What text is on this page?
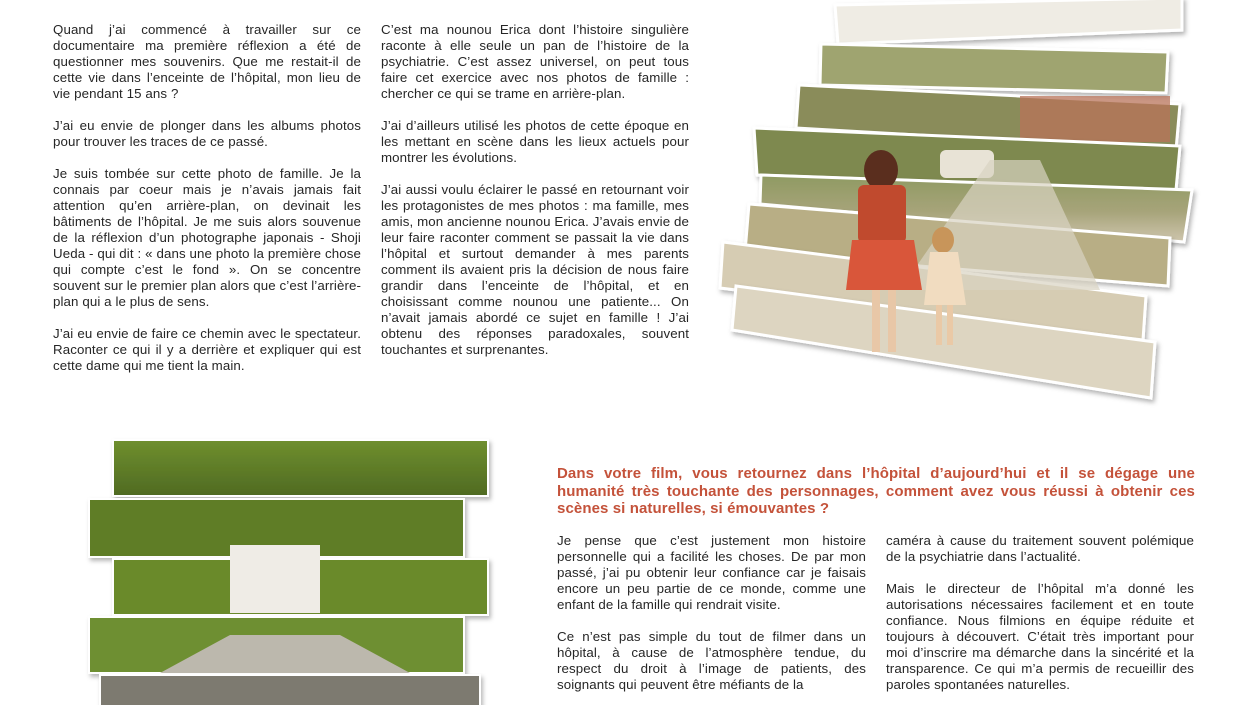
Quand j’ai commencé à travailler sur ce documentaire ma première réflexion a été de questionner mes souvenirs. Que me restait-il de cette vie dans l’enceinte de l’hôpital, mon lieu de vie pendant 15 ans ?

J’ai eu envie de plonger dans les albums photos pour trouver les traces de ce passé.

Je suis tombée sur cette photo de famille. Je la connais par coeur mais je n’avais jamais fait attention qu’en arrière-plan, on devinait les bâtiments de l’hôpital. Je me suis alors souvenue de la réflexion d’un photographe japonais - Shoji Ueda - qui dit : « dans une photo la première chose qui compte c’est le fond ». On se concentre souvent sur le premier plan alors que c’est l’arrière-plan qui a le plus de sens.

J’ai eu envie de faire ce chemin avec le spectateur. Raconter ce qui il y a derrière et expliquer qui est cette dame qui me tient la main.

C’est ma nounou Erica dont l’histoire singulière raconte à elle seule un pan de l’histoire de la psychiatrie. C’est assez universel, on peut tous faire cet exercice avec nos photos de famille : chercher ce qui se trame en arrière-plan.

J’ai d’ailleurs utilisé les photos de cette époque en les mettant en scène dans les lieux actuels pour montrer les évolutions.

J’ai aussi voulu éclairer le passé en retournant voir les protagonistes de mes photos : ma famille, mes amis, mon ancienne nounou Erica. J’avais envie de leur faire raconter comment se passait la vie dans l’hôpital et surtout demander à mes parents comment ils avaient pris la décision de nous faire grandir dans l’enceinte de l’hôpital, et en choisissant comme nounou une patiente... On n’avait jamais abordé ce sujet en famille ! J’ai obtenu des réponses paradoxales, souvent touchantes et surprenantes.

Dans votre film, vous retournez dans l’hôpital d’aujourd’hui et il se dégage une humanité très touchante des personnages, comment avez vous réussi à obtenir ces scènes si naturelles, si émouvantes ?

Je pense que c’est justement mon histoire personnelle qui a facilité les choses. De par mon passé, j’ai pu obtenir leur confiance car je faisais encore un peu partie de ce monde, comme une enfant de la famille qui rendrait visite.

Ce n’est pas simple du tout de filmer dans un hôpital, à cause de l’atmosphère tendue, du respect du droit à l’image de patients, des soignants qui peuvent être méfiants de la

caméra à cause du traitement souvent polémique de la psychiatrie dans l’actualité.

Mais le directeur de l’hôpital m’a donné les autorisations nécessaires facilement et en toute confiance. Nous filmions en équipe réduite et toujours à découvert. C’était très important pour moi d’inscrire ma démarche dans la sincérité et la transparence. Ce qui m’a permis de recueillir des paroles spontanées naturelles.
